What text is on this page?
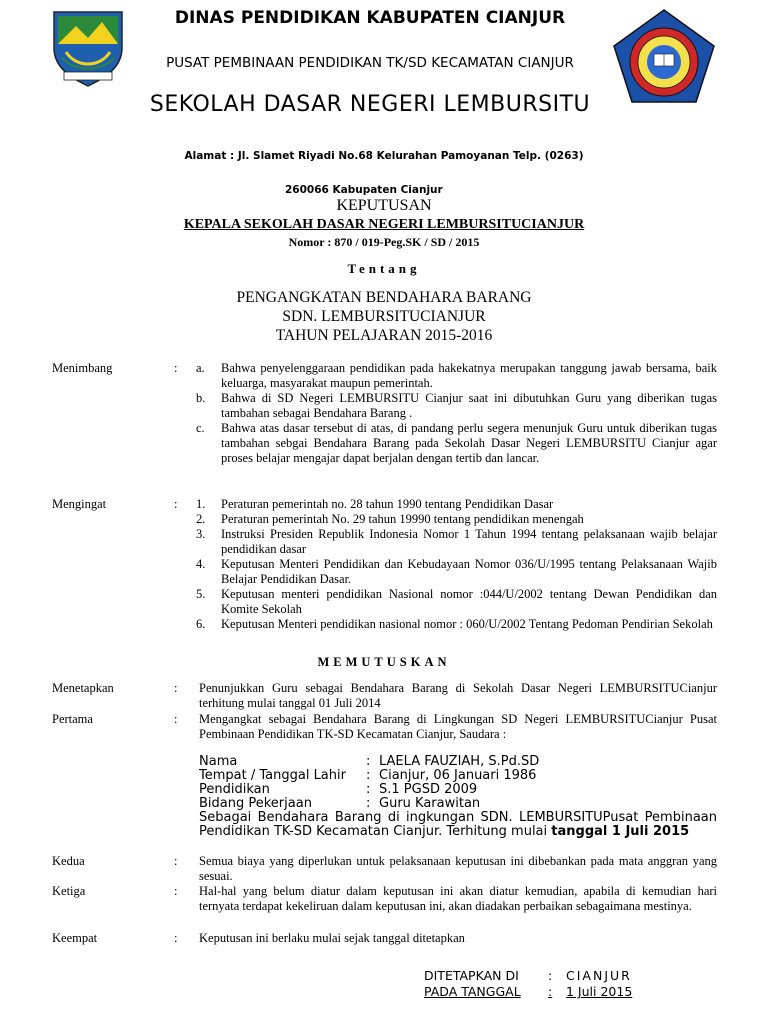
DINAS PENDIDIKAN KABUPATEN CIANJUR
PUSAT PEMBINAAN PENDIDIKAN TK/SD KECAMATAN CIANJUR
SEKOLAH DASAR NEGERI LEMBURSITU
Alamat : Jl. Slamet Riyadi No.68 Kelurahan Pamoyanan Telp. (0263)
260066 Kabupaten Cianjur
KEPUTUSAN
KEPALA SEKOLAH DASAR NEGERI LEMBURSITUCIANJUR
Nomor : 870 / 019-Peg.SK / SD / 2015
Tentang
PENGANGKATAN BENDAHARA BARANG
SDN. LEMBURSITUCIANJUR
TAHUN PELAJARAN 2015-2016
Menimbang	: a. Bahwa penyelenggaraan pendidikan pada hakekatnya merupakan tanggung jawab bersama, baik keluarga, masyarakat maupun pemerintah.
b. Bahwa di SD Negeri LEMBURSITU Cianjur saat ini dibutuhkan Guru yang diberikan tugas tambahan sebagai Bendahara Barang .
c. Bahwa atas dasar tersebut di atas, di pandang perlu segera menunjuk Guru untuk diberikan tugas tambahan sebgai Bendahara Barang pada Sekolah Dasar Negeri LEMBURSITU Cianjur agar proses belajar mengajar dapat berjalan dengan tertib dan lancar.
Mengingat	: 1. Peraturan pemerintah no. 28 tahun 1990 tentang Pendidikan Dasar
2. Peraturan pemerintah No. 29 tahun 19990 tentang pendidikan menengah
3. Instruksi Presiden Republik Indonesia Nomor 1 Tahun 1994 tentang pelaksanaan wajib belajar pendidikan dasar
4. Keputusan Menteri Pendidikan dan Kebudayaan Nomor 036/U/1995 tentang Pelaksanaan Wajib Belajar Pendidikan Dasar.
5. Keputusan menteri pendidikan Nasional nomor :044/U/2002 tentang Dewan Pendidikan dan Komite Sekolah
6. Keputusan Menteri pendidikan nasional nomor : 060/U/2002 Tentang Pedoman Pendirian Sekolah
MEMUTUSKAN
Menetapkan	: Penunjukkan Guru sebagai Bendahara Barang di Sekolah Dasar Negeri LEMBURSITUCianjur terhitung mulai tanggal 01 Juli 2014

Pertama	: Mengangkat sebagai Bendahara Barang di Lingkungan SD Negeri LEMBURSITUCianjur Pusat Pembinaan Pendidikan TK-SD Kecamatan Cianjur, Saudara :

Nama	: LAELA FAUZIAH, S.Pd.SD
Tempat / Tanggal Lahir : Cianjur, 06 Januari 1986
Pendidikan	: S.1 PGSD 2009
Bidang Pekerjaan	: Guru Karawitan
Sebagai Bendahara Barang di ingkungan SDN. LEMBURSITUPusat Pembinaan Pendidikan TK-SD Kecamatan Cianjur. Terhitung mulai tanggal 1 Juli 2015
Kedua	: Semua biaya yang diperlukan untuk pelaksanaan keputusan ini dibebankan pada mata anggran yang sesuai.

Ketiga	: Hal-hal yang belum diatur dalam keputusan ini akan diatur kemudian, apabila di kemudian hari ternyata terdapat kekeliruan dalam keputusan ini, akan diadakan perbaikan sebagaimana mestinya.

Keempat	: Keputusan ini berlaku mulai sejak tanggal ditetapkan

DITETAPKAN DI : CIANJUR
PADA TANGGAL : 1 Juli 2015
